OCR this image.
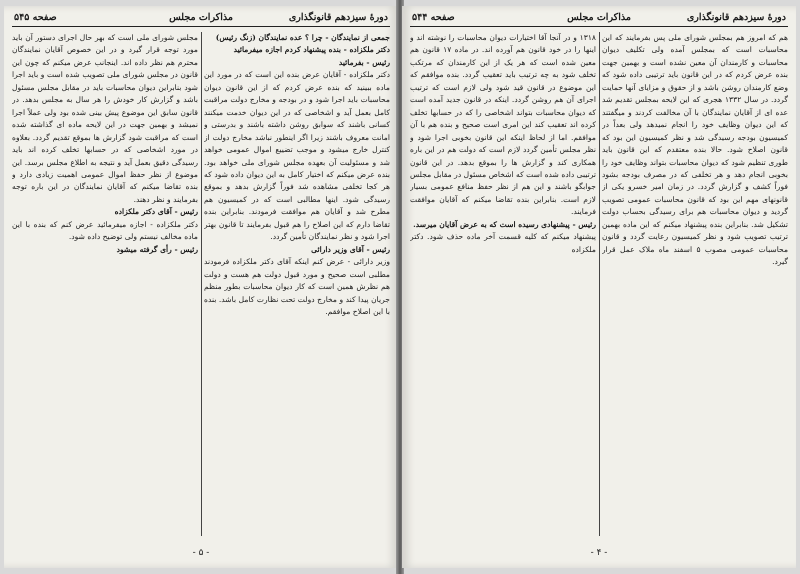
دورهٔ سیزدهم قانونگذاری
مذاکرات مجلس
صفحه ۵۴۵

جمعی از نمایندگان - چرا ؟ عده نمایندگان (زنگ رئیس)

دکتر ملکزاده - بنده پیشنهاد کردم اجازه میفرمائید

رئیس - بفرمائید

دکتر ملکزاده - آقایان عرض بنده این است که در مورد این ماده ببینید که بنده عرض کردم که از این قانون دیوان محاسبات باید اجرا شود و در بودجه و مخارج دولت مراقبت کامل بعمل آید و اشخاصی که در این دیوان خدمت میکنند کسانی باشند که سوابق روشن داشته باشند و بدرستی و امانت معروف باشند زیرا اگر اینطور نباشد مخارج دولت از کنترل خارج میشود و موجب تضییع اموال عمومی خواهد شد و مسئولیت آن بعهده مجلس شورای ملی خواهد بود. بنده عرض میکنم که اختیار کامل به این دیوان داده شود که هر کجا تخلفی مشاهده شد فوراً گزارش بدهد و بموقع رسیدگی شود. اینها مطالبی است که در کمیسیون هم مطرح شد و آقایان هم موافقت فرمودند. بنابراین بنده تقاضا دارم که این اصلاح را هم قبول بفرمایند تا قانون بهتر اجرا شود و نظر نمایندگان تأمین گردد.

رئیس - آقای وزیر دارائی

وزیر دارائی - عرض کنم اینکه آقای دکتر ملکزاده فرمودند مطلبی است صحیح و مورد قبول دولت هم هست و دولت هم نظرش همین است که کار دیوان محاسبات بطور منظم جریان پیدا کند و مخارج دولت تحت نظارت کامل باشد. بنده با این اصلاح موافقم.

مجلس شورای ملی است که بهر حال اجرای دستور آن باید مورد توجه قرار گیرد و در این خصوص آقایان نمایندگان محترم هم نظر داده اند. اینجانب عرض میکنم که چون این قانون در مجلس شورای ملی تصویب شده است و باید اجرا شود بنابراین دیوان محاسبات باید در مقابل مجلس مسئول باشد و گزارش کار خودش را هر سال به مجلس بدهد. در قانون سابق این موضوع پیش بینی شده بود ولی عملاً اجرا نمیشد و بهمین جهت در این لایحه ماده ای گذاشته شده است که مراقبت شود گزارش ها بموقع تقدیم گردد. بعلاوه در مورد اشخاصی که در حسابها تخلف کرده اند باید رسیدگی دقیق بعمل آید و نتیجه به اطلاع مجلس برسد. این موضوع از نظر حفظ اموال عمومی اهمیت زیادی دارد و بنده تقاضا میکنم که آقایان نمایندگان در این باره توجه بفرمایند و نظر دهند.

رئیس - آقای دکتر ملکزاده

دکتر ملکزاده - اجازه میفرمائید عرض کنم که بنده با این ماده مخالف نیستم ولی توضیح داده شود.

رئیس - رأی گرفته میشود

- ۵ -
دورهٔ سیزدهم قانونگذاری
مذاکرات مجلس
صفحه ۵۴۴

هم که امروز هم بمجلس شورای ملی پس بفرمایند که این محاسبات است که بمجلس آمده ولی تکلیف دیوان محاسبات و کارمندان آن معین نشده است و بهمین جهت بنده عرض کردم که در این قانون باید ترتیبی داده شود که وضع کارمندان روشن باشد و از حقوق و مزایای آنها حمایت گردد. در سال ۱۳۳۲ هجری که این لایحه بمجلس تقدیم شد عده ای از آقایان نمایندگان با آن مخالفت کردند و میگفتند که این دیوان وظایف خود را انجام نمیدهد ولی بعداً در کمیسیون بودجه رسیدگی شد و نظر کمیسیون این بود که قانون اصلاح شود. حالا بنده معتقدم که این قانون باید طوری تنظیم شود که دیوان محاسبات بتواند وظایف خود را بخوبی انجام دهد و هر تخلفی که در مصرف بودجه بشود فوراً کشف و گزارش گردد. در زمان امیر خسرو یکی از قانونهای مهم این بود که قانون محاسبات عمومی تصویب گردید و دیوان محاسبات هم برای رسیدگی بحساب دولت تشکیل شد. بنابراین بنده پیشنهاد میکنم که این ماده بهمین ترتیب تصویب شود و نظر کمیسیون رعایت گردد و قانون محاسبات عمومی مصوب ۵ اسفند ماه ملاک عمل قرار گیرد.

۱۳۱۸ و در آنجا آقا اختیارات دیوان محاسبات را نوشته اند و اینها را در خود قانون هم آورده اند. در ماده ۱۷ قانون هم معین شده است که هر یک از این کارمندان که مرتکب تخلف شود به چه ترتیب باید تعقیب گردد. بنده موافقم که این موضوع در قانون قید شود ولی لازم است که ترتیب اجرای آن هم روشن گردد. اینکه در قانون جدید آمده است که دیوان محاسبات بتواند اشخاصی را که در حسابها تخلف کرده اند تعقیب کند این امری است صحیح و بنده هم با آن موافقم. اما از لحاظ اینکه این قانون بخوبی اجرا شود و نظر مجلس تأمین گردد لازم است که دولت هم در این باره همکاری کند و گزارش ها را بموقع بدهد. در این قانون ترتیبی داده شده است که اشخاص مسئول در مقابل مجلس جوابگو باشند و این هم از نظر حفظ منافع عمومی بسیار لازم است. بنابراین بنده تقاضا میکنم که آقایان موافقت فرمایند.

رئیس - پیشنهادی رسیده است که به عرض آقایان میرسد.

پیشنهاد میکنم که کلیه قسمت آخر ماده حذف شود. دکتر ملکزاده

- ۴ -
